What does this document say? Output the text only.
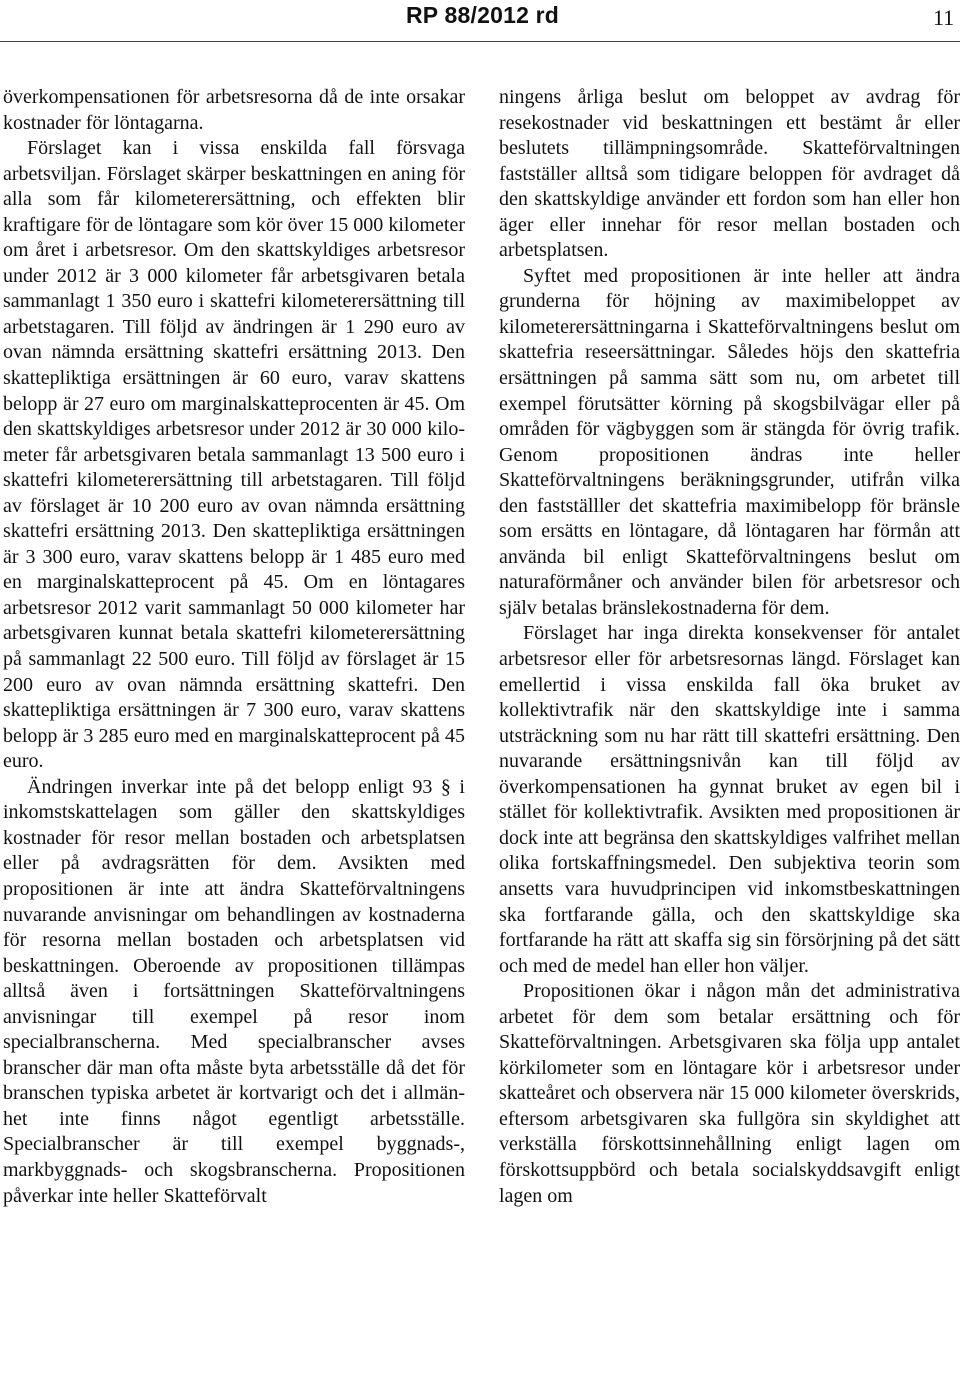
RP 88/2012 rd	11

överkompensationen för arbetsresorna då de inte orsakar kostnader för löntagarna.

Förslaget kan i vissa enskilda fall försvaga arbetsviljan. Förslaget skärper beskattningen en aning för alla som får kilometerersättning, och effekten blir kraftigare för de löntagare som kör över 15 000 kilometer om året i arbetsresor. Om den skattskyldiges arbetsresor under 2012 är 3 000 kilometer får arbetsgivaren betala sammanlagt 1 350 euro i skattefri kilometerersättning till arbetstagaren. Till följd av ändringen är 1 290 euro av ovan nämnda ersättning skattefri ersättning 2013. Den skattepliktiga ersättningen är 60 euro, varav skattens belopp är 27 euro om marginalskatteprocenten är 45. Om den skattskyldiges arbetsresor under 2012 är 30 000 kilometer får arbetsgivaren betala sammanlagt 13 500 euro i skattefri kilometerersättning till arbetstagaren. Till följd av förslaget är 10 200 euro av ovan nämnda ersättning skattefri ersättning 2013. Den skattepliktiga ersättningen är 3 300 euro, varav skattens belopp är 1 485 euro med en marginalskatteprocent på 45. Om en löntagares arbetsresor 2012 varit sammanlagt 50 000 kilometer har arbetsgivaren kunnat betala skattefri kilometerersättning på sammanlagt 22 500 euro. Till följd av förslaget är 15 200 euro av ovan nämnda ersättning skattefri. Den skattepliktiga ersättningen är 7 300 euro, varav skattens belopp är 3 285 euro med en marginalskatteprocent på 45 euro.

Ändringen inverkar inte på det belopp enligt 93 § i inkomstskattelagen som gäller den skattskyldiges kostnader för resor mellan bostaden och arbetsplatsen eller på avdragsrätten för dem. Avsikten med propositionen är inte att ändra Skatteförvaltningens nuvarande anvisningar om behandlingen av kostnaderna för resorna mellan bostaden och arbetsplatsen vid beskattningen. Oberoende av propositionen tillämpas alltså även i fortsättningen Skatteförvaltningens anvisningar till exempel på resor inom specialbranscherna. Med specialbranscher avses branscher där man ofta måste byta arbetsställe då det för branschen typiska arbetet är kortvarigt och det i allmänhet inte finns något egentligt arbetsställe. Specialbranscher är till exempel byggnads-, markbyggnads- och skogsbranscherna. Propositionen påverkar inte heller Skatteförvalt

ningens årliga beslut om beloppet av avdrag för resekostnader vid beskattningen ett bestämt år eller beslutets tillämpningsområde. Skatteförvaltningen fastställer alltså som tidigare beloppen för avdraget då den skattskyldige använder ett fordon som han eller hon äger eller innehar för resor mellan bostaden och arbetsplatsen.

Syftet med propositionen är inte heller att ändra grunderna för höjning av maximibeloppet av kilometerersättningarna i Skatteförvaltningens beslut om skattefria reseersättningar. Således höjs den skattefria ersättningen på samma sätt som nu, om arbetet till exempel förutsätter körning på skogsbilvägar eller på områden för vägbyggen som är stängda för övrig trafik. Genom propositionen ändras inte heller Skatteförvaltningens beräkningsgrunder, utifrån vilka den fastställler det skattefria maximibelopp för bränsle som ersätts en löntagare, då löntagaren har förmån att använda bil enligt Skatteförvaltningens beslut om naturaförmåner och använder bilen för arbetsresor och själv betalas bränslekostnaderna för dem.

Förslaget har inga direkta konsekvenser för antalet arbetsresor eller för arbetsresornas längd. Förslaget kan emellertid i vissa enskilda fall öka bruket av kollektivtrafik när den skattskyldige inte i samma utsträckning som nu har rätt till skattefri ersättning. Den nuvarande ersättningsnivån kan till följd av överkompensationen ha gynnat bruket av egen bil i stället för kollektivtrafik. Avsikten med propositionen är dock inte att begränsa den skattskyldiges valfrihet mellan olika fortskaffningsmedel. Den subjektiva teorin som ansetts vara huvudprincipen vid inkomstbeskattningen ska fortfarande gälla, och den skattskyldige ska fortfarande ha rätt att skaffa sig sin försörjning på det sätt och med de medel han eller hon väljer.

Propositionen ökar i någon mån det administrativa arbetet för dem som betalar ersättning och för Skatteförvaltningen. Arbetsgivaren ska följa upp antalet körkilometer som en löntagare kör i arbetsresor under skatteåret och observera när 15 000 kilometer överskrids, eftersom arbetsgivaren ska fullgöra sin skyldighet att verkställa förskottsinnehållning enligt lagen om förskottsuppbörd och betala socialskyddsavgift enligt lagen om
